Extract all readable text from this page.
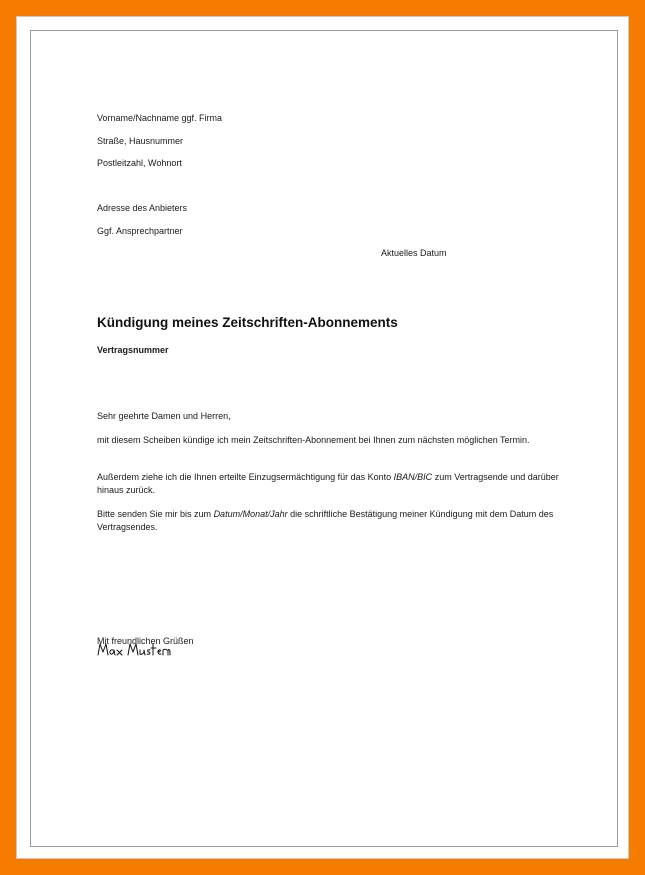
Vorname/Nachname ggf. Firma
Straße, Hausnummer
Postleitzahl, Wohnort
Adresse des Anbieters
Ggf. Ansprechpartner
Aktuelles Datum
Kündigung meines Zeitschriften-Abonnements
Vertragsnummer
Sehr geehrte Damen und Herren,
mit diesem Scheiben kündige ich mein Zeitschriften-Abonnement bei Ihnen zum nächsten möglichen Termin.
Außerdem ziehe ich die Ihnen erteilte Einzugsermächtigung für das Konto IBAN/BIC zum Vertragsende und darüber hinaus zurück.
Bitte senden Sie mir bis zum Datum/Monat/Jahr die schriftliche Bestätigung meiner Kündigung mit dem Datum des Vertragsendes.
Mit freundlichen Grüßen
